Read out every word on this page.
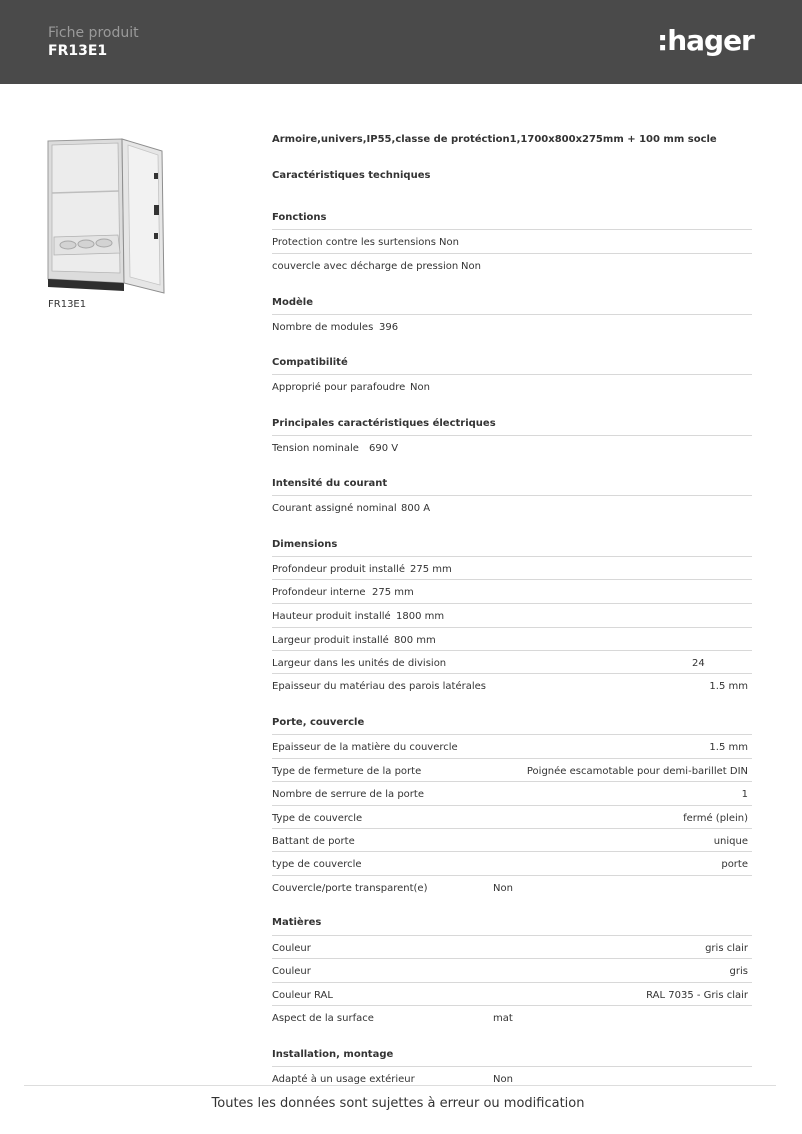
Fiche produit
FR13E1	:hager
FR13E1
Armoire,univers,IP55,classe de protéction1,1700x800x275mm + 100 mm socle
Caractéristiques techniques
Fonctions
Protection contre les surtensions Non
couvercle avec décharge de pression Non
Modèle
Nombre de modules 396
Compatibilité
Approprié pour parafoudre Non
Principales caractéristiques électriques
Tension nominale 690 V
Intensité du courant
Courant assigné nominal 800 A
Dimensions
Profondeur produit installé 275 mm
Profondeur interne 275 mm
Hauteur produit installé 1800 mm
Largeur produit installé 800 mm
Largeur dans les unités de division	24
Epaisseur du matériau des parois latérales	1.5 mm
Porte, couvercle
Epaisseur de la matière du couvercle	1.5 mm
Type de fermeture de la porte	Poignée escamotable pour demi-barillet DIN
Nombre de serrure de la porte	1
Type de couvercle	fermé (plein)
Battant de porte	unique
type de couvercle	porte
Couvercle/porte transparent(e)	Non
Matières
Couleur	gris clair
Couleur	gris
Couleur RAL	RAL 7035 - Gris clair
Aspect de la surface	mat
Installation, montage
Adapté à un usage extérieur	Non
Toutes les données sont sujettes à erreur ou modification
